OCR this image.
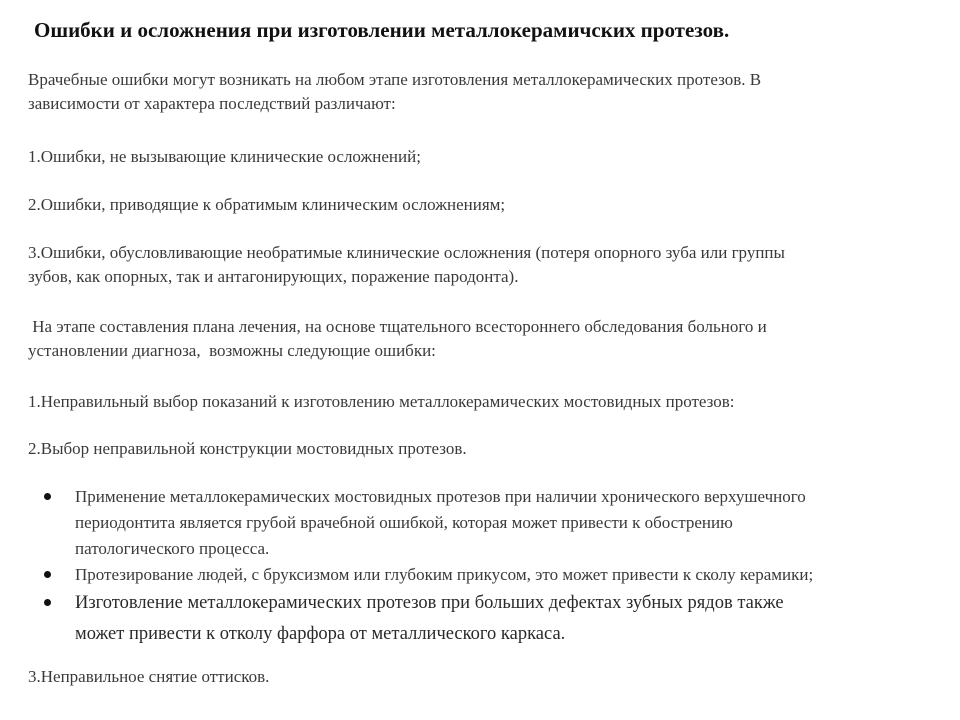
Ошибки и осложнения при изготовлении металлокерамичских протезов.
Врачебные ошибки могут возникать на любом этапе изготовления металлокерамических протезов. В
зависимости от характера последствий различают:
1.Ошибки, не вызывающие клинические осложнений;
2.Ошибки, приводящие к обратимым клиническим осложнениям;
3.Ошибки, обусловливающие необратимые клинические осложнения (потеря опорного зуба или группы
зубов, как опорных, так и антагонирующих, поражение пародонта).
На этапе составления плана лечения, на основе тщательного всестороннего обследования больного и
установлении диагноза,  возможны следующие ошибки:
1.Неправильный выбор показаний к изготовлению металлокерамических мостовидных протезов:
2.Выбор неправильной конструкции мостовидных протезов.
Применение металлокерамических мостовидных протезов при наличии хронического верхушечного
периодонтита является грубой врачебной ошибкой, которая может привести к обострению
патологического процесса.
Протезирование людей, с бруксизмом или глубоким прикусом, это может привести к сколу керамики;
Изготовление металлокерамических протезов при больших дефектах зубных рядов также
может привести к отколу фарфора от металлического каркаса.
3.Неправильное снятие оттисков.
